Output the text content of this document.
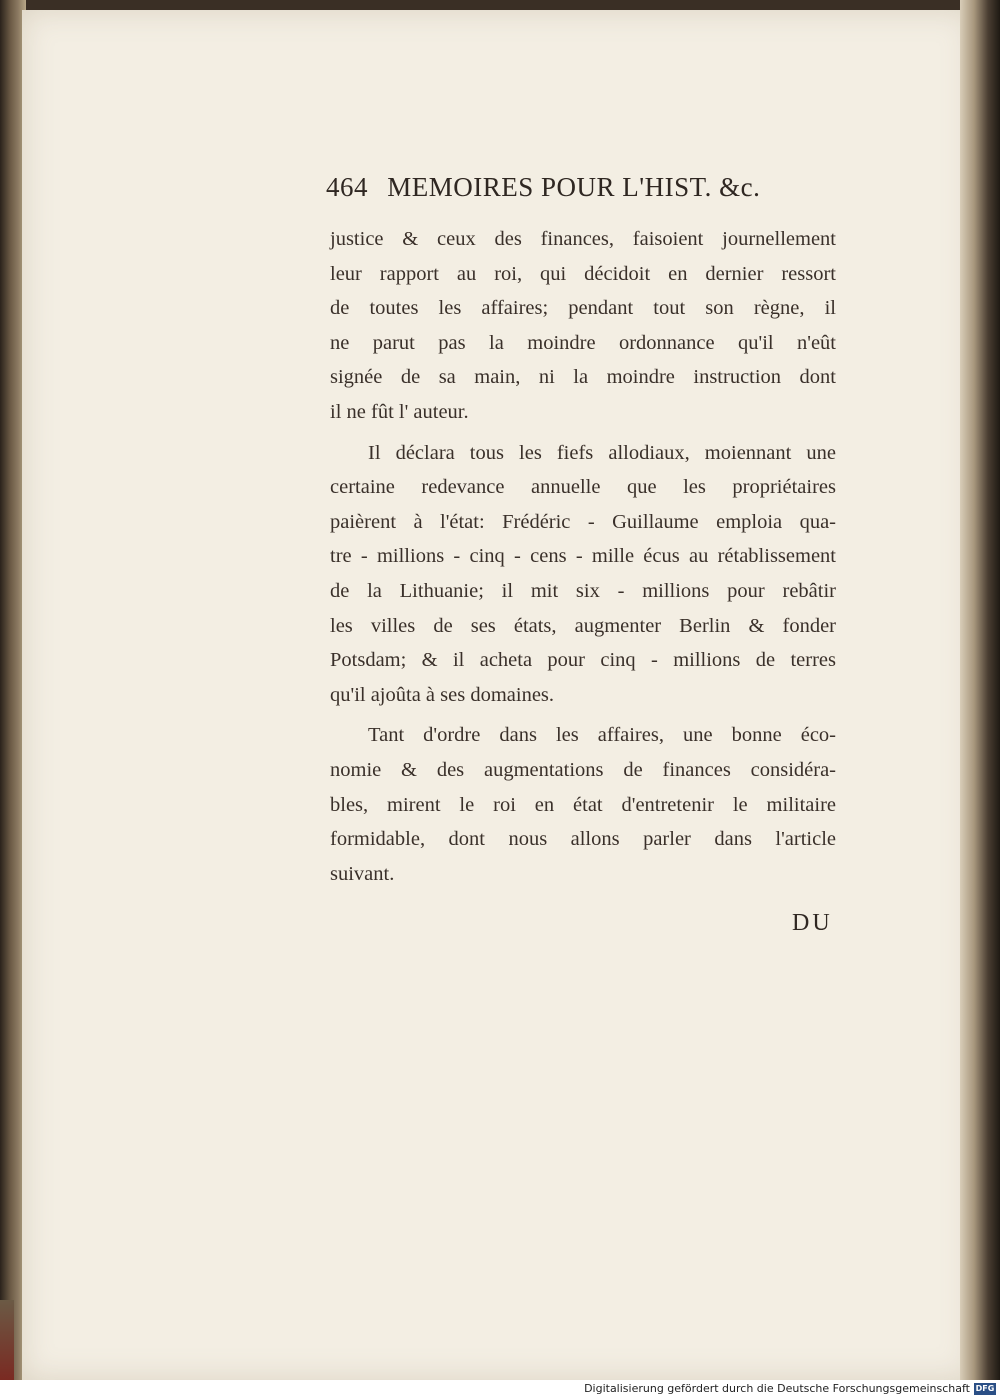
464 MEMOIRES POUR L'HIST. &c.
justice & ceux des finances, faisoient journellement
leur rapport au roi, qui décidoit en dernier ressort
de toutes les affaires; pendant tout son règne, il
ne parut pas la moindre ordonnance qu'il n'eût
signée de sa main, ni la moindre instruction dont
il ne fût l' auteur.
Il déclara tous les fiefs allodiaux, moiennant une
certaine redevance annuelle que les propriétaires
paièrent à l'état: Frédéric - Guillaume emploia qua-
tre - millions - cinq - cens - mille écus au rétablissement
de la Lithuanie; il mit six - millions pour rebâtir
les villes de ses états, augmenter Berlin & fonder
Potsdam; & il acheta pour cinq - millions de terres
qu'il ajoûta à ses domaines.
Tant d'ordre dans les affaires, une bonne éco-
nomie & des augmentations de finances considéra-
bles, mirent le roi en état d'entretenir le militaire
formidable, dont nous allons parler dans l'article
suivant.
DU
Digitalisierung gefördert durch die Deutsche Forschungsgemeinschaft DFG
